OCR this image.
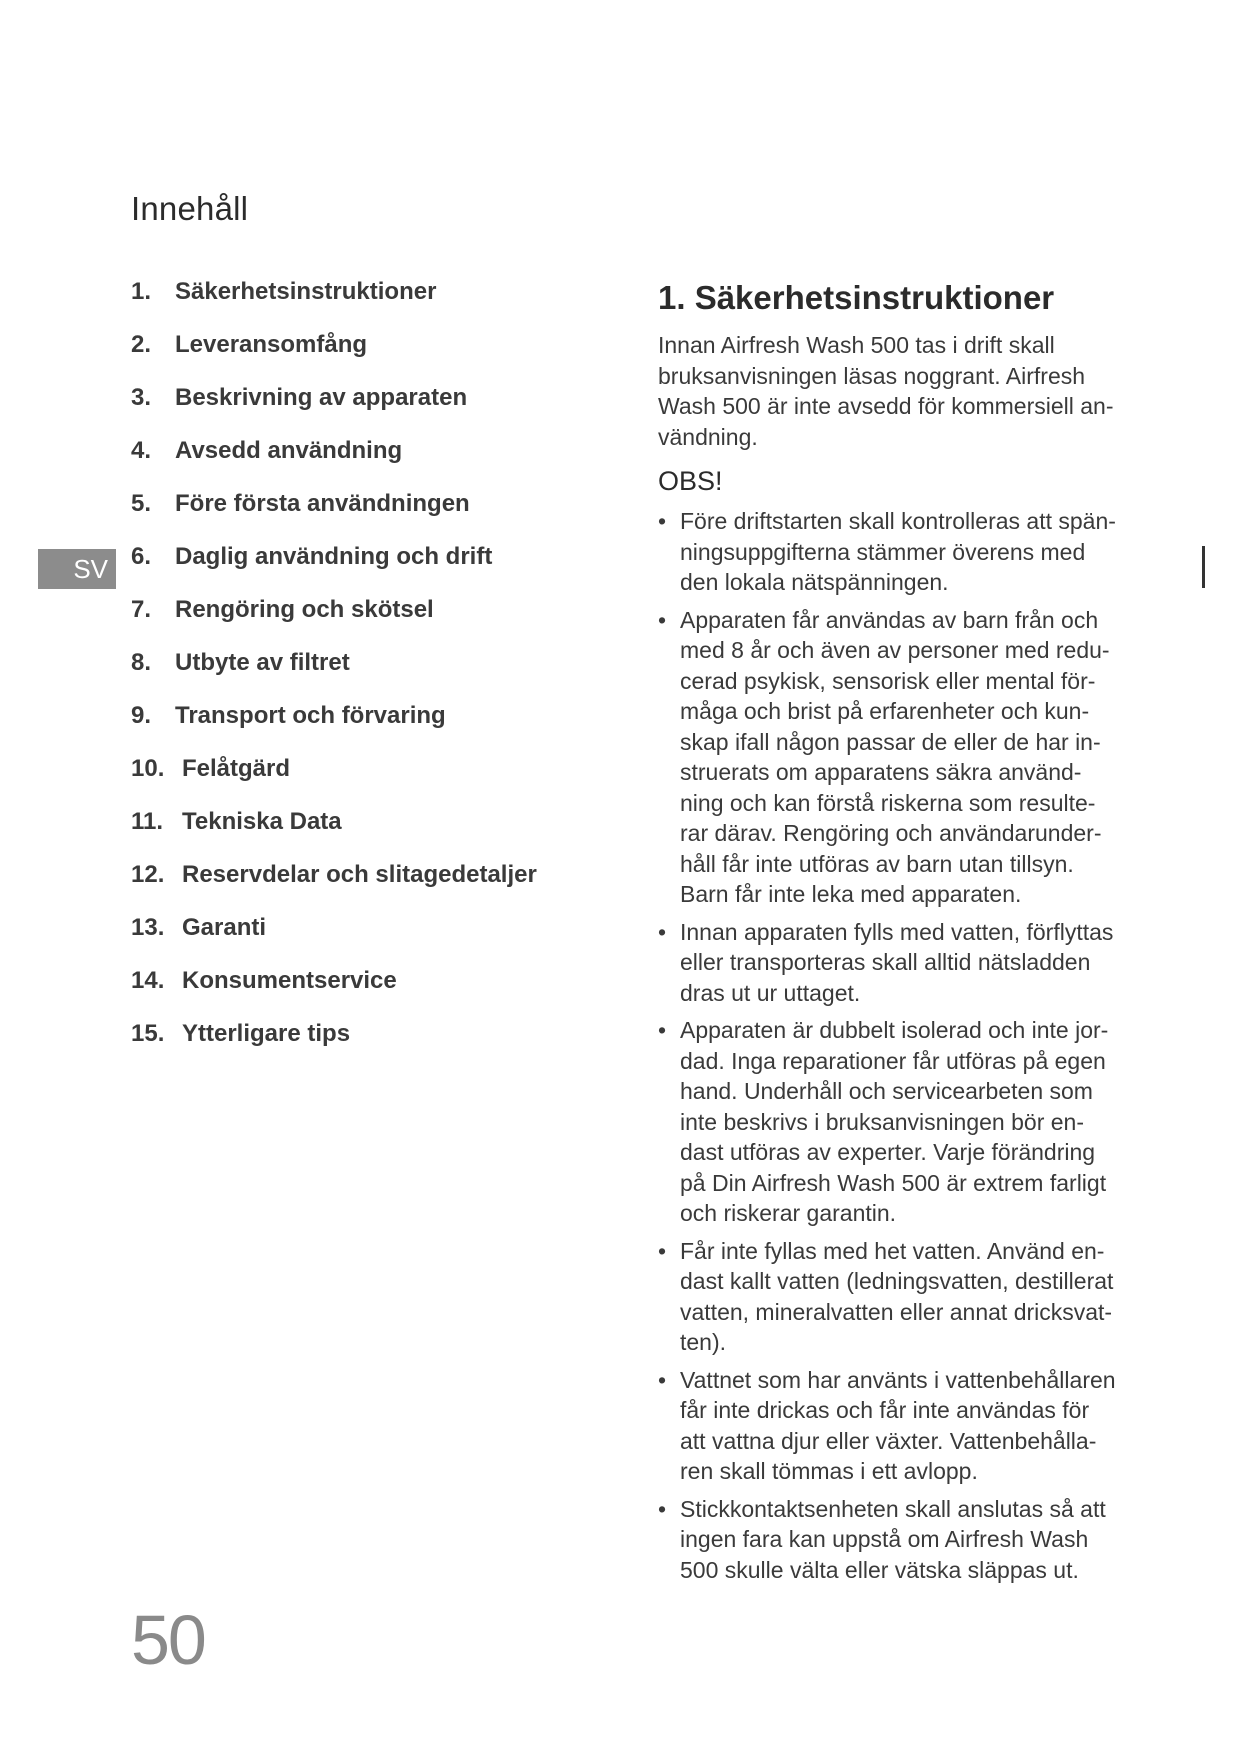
Innehåll
SV
1. Säkerhetsinstruktioner
2. Leveransomfång
3. Beskrivning av apparaten
4. Avsedd användning
5. Före första användningen
6. Daglig användning och drift
7. Rengöring och skötsel
8. Utbyte av filtret
9. Transport och förvaring
10. Felåtgärd
11. Tekniska Data
12. Reservdelar och slitagedetaljer
13. Garanti
14. Konsumentservice
15. Ytterligare tips
1. Säkerhetsinstruktioner

Innan Airfresh Wash 500 tas i drift skall
bruksanvisningen läsas noggrant. Airfresh
Wash 500 är inte avsedd för kommersiell an-
vändning.

OBS!
• Före driftstarten skall kontrolleras att spän-
ningsuppgifterna stämmer överens med
den lokala nätspänningen.
• Apparaten får användas av barn från och
med 8 år och även av personer med redu-
cerad psykisk, sensorisk eller mental för-
måga och brist på erfarenheter och kun-
skap ifall någon passar de eller de har in-
struerats om apparatens säkra använd-
ning och kan förstå riskerna som resulte-
rar därav. Rengöring och användarunder-
håll får inte utföras av barn utan tillsyn.
Barn får inte leka med apparaten.
• Innan apparaten fylls med vatten, förflyttas
eller transporteras skall alltid nätsladden
dras ut ur uttaget.
• Apparaten är dubbelt isolerad och inte jor-
dad. Inga reparationer får utföras på egen
hand. Underhåll och servicearbeten som
inte beskrivs i bruksanvisningen bör en-
dast utföras av experter. Varje förändring
på Din Airfresh Wash 500 är extrem farligt
och riskerar garantin.
• Får inte fyllas med het vatten. Använd en-
dast kallt vatten (ledningsvatten, destillerat
vatten, mineralvatten eller annat dricksvat-
ten).
• Vattnet som har använts i vattenbehållaren
får inte drickas och får inte användas för
att vattna djur eller växter. Vattenbehålla-
ren skall tömmas i ett avlopp.
• Stickkontaktsenheten skall anslutas så att
ingen fara kan uppstå om Airfresh Wash
500 skulle välta eller vätska släppas ut.
50
